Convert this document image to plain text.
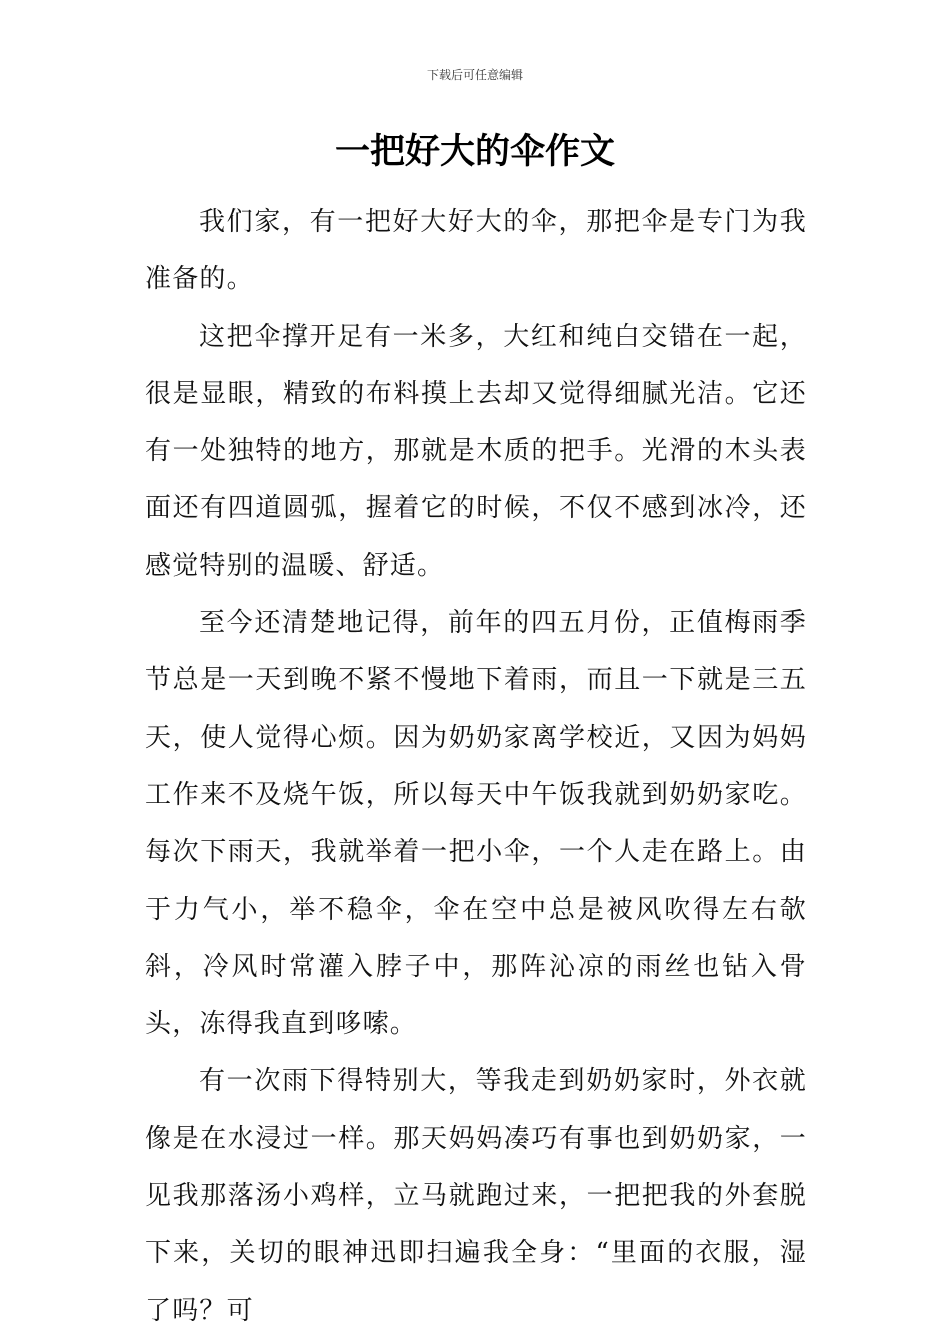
下载后可任意编辑
一把好大的伞作文

我们家，有一把好大好大的伞，那把伞是专门为我准备的。

这把伞撑开足有一米多，大红和纯白交错在一起，很是显眼，精致的布料摸上去却又觉得细腻光洁。它还有一处独特的地方，那就是木质的把手。光滑的木头表面还有四道圆弧，握着它的时候，不仅不感到冰冷，还感觉特别的温暖、舒适。

至今还清楚地记得，前年的四五月份，正值梅雨季节总是一天到晚不紧不慢地下着雨，而且一下就是三五天，使人觉得心烦。因为奶奶家离学校近，又因为妈妈工作来不及烧午饭，所以每天中午饭我就到奶奶家吃。每次下雨天，我就举着一把小伞，一个人走在路上。由于力气小，举不稳伞，伞在空中总是被风吹得左右欹斜，冷风时常灌入脖子中，那阵沁凉的雨丝也钻入骨头，冻得我直到哆嗦。

有一次雨下得特别大，等我走到奶奶家时，外衣就像是在水浸过一样。那天妈妈凑巧有事也到奶奶家，一见我那落汤小鸡样，立马就跑过来，一把把我的外套脱下来，关切的眼神迅即扫遍我全身：“里面的衣服，湿了吗？可
